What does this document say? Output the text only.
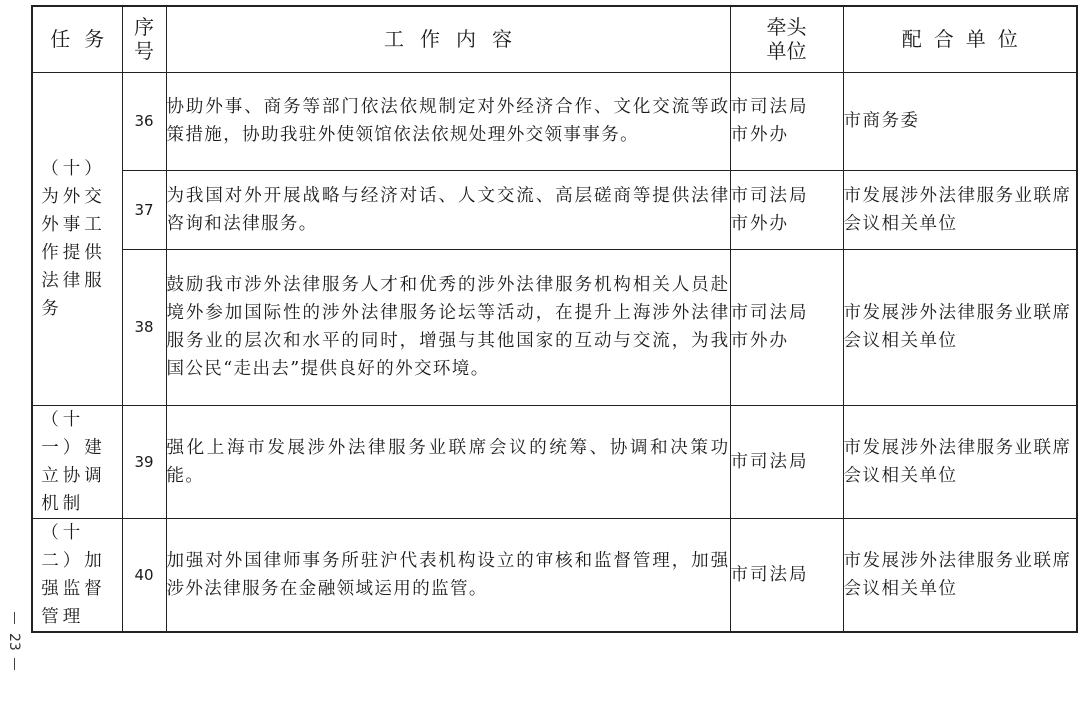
任务	序号	工作内容	牵头单位	配合单位

（十）为外交外事工作提供法律服务	36	协助外事、商务等部门依法依规制定对外经济合作、文化交流等政策措施，协助我驻外使领馆依法依规处理外交领事事务。	市司法局市外办	市商务委
	37	为我国对外开展战略与经济对话、人文交流、高层磋商等提供法律咨询和法律服务。	市司法局市外办	市发展涉外法律服务业联席会议相关单位
	38	鼓励我市涉外法律服务人才和优秀的涉外法律服务机构相关人员赴境外参加国际性的涉外法律服务论坛等活动，在提升上海涉外法律服务业的层次和水平的同时，增强与其他国家的互动与交流，为我国公民“走出去”提供良好的外交环境。	市司法局市外办	市发展涉外法律服务业联席会议相关单位

（十一）建立协调机制	39	强化上海市发展涉外法律服务业联席会议的统筹、协调和决策功能。	市司法局	市发展涉外法律服务业联席会议相关单位

（十二）加强监督管理	40	加强对外国律师事务所驻沪代表机构设立的审核和监督管理，加强涉外法律服务在金融领域运用的监管。	市司法局	市发展涉外法律服务业联席会议相关单位
23
